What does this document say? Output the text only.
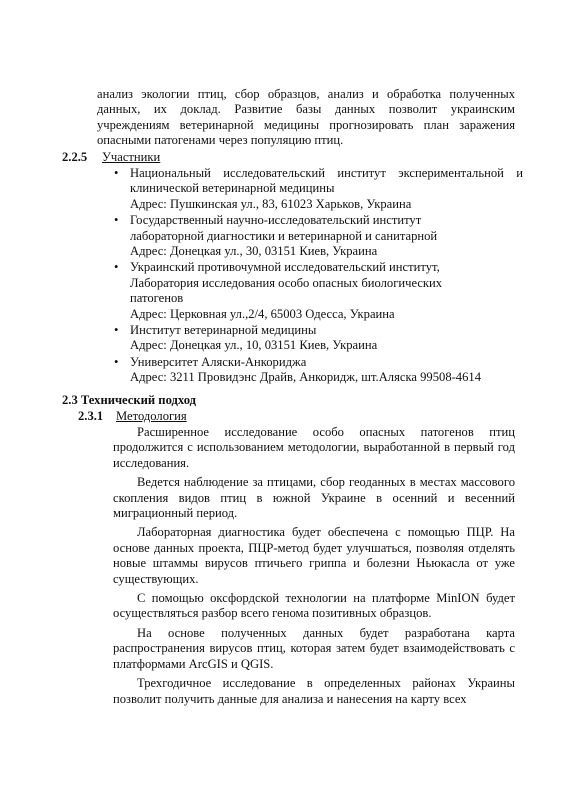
анализ экологии птиц, сбор образцов, анализ и обработка полученных данных, их доклад. Развитие базы данных позволит украинским учреждениям ветеринарной медицины прогнозировать план заражения опасными патогенами через популяцию птиц.
2.2.5	Участники
• Национальный исследовательский институт экспериментальной и клинической ветеринарной медицины
Адрес: Пушкинская ул., 83, 61023 Харьков, Украина
• Государственный научно-исследовательский институт лабораторной диагностики и ветеринарной и санитарной
Адрес: Донецкая ул., 30, 03151 Киев, Украина
• Украинский противочумной исследовательский институт, Лаборатория исследования особо опасных биологических патогенов
Адрес: Церковная ул.,2/4, 65003 Одесса, Украина
• Институт ветеринарной медицины
Адрес: Донецкая ул., 10, 03151 Киев, Украина
• Университет Аляски-Анкориджа
Адрес: 3211 Провидэнс Драйв, Анкоридж, шт.Аляска 99508-4614
2.3 Технический подход
2.3.1	Методология

Расширенное исследование особо опасных патогенов птиц продолжится с использованием методологии, выработанной в первый год исследования.

Ведется наблюдение за птицами, сбор геоданных в местах массового скопления видов птиц в южной Украине в осенний и весенний миграционный период.

Лабораторная диагностика будет обеспечена с помощью ПЦР. На основе данных проекта, ПЦР-метод будет улучшаться, позволяя отделять новые штаммы вирусов птичьего гриппа и болезни Ньюкасла от уже существующих.

С помощью оксфордской технологии на платформе MinION будет осуществляться разбор всего генома позитивных образцов.

На основе полученных данных будет разработана карта распространения вирусов птиц, которая затем будет взаимодействовать с платформами ArcGIS и QGIS.

Трехгодичное исследование в определенных районах Украины позволит получить данные для анализа и нанесения на карту всех
